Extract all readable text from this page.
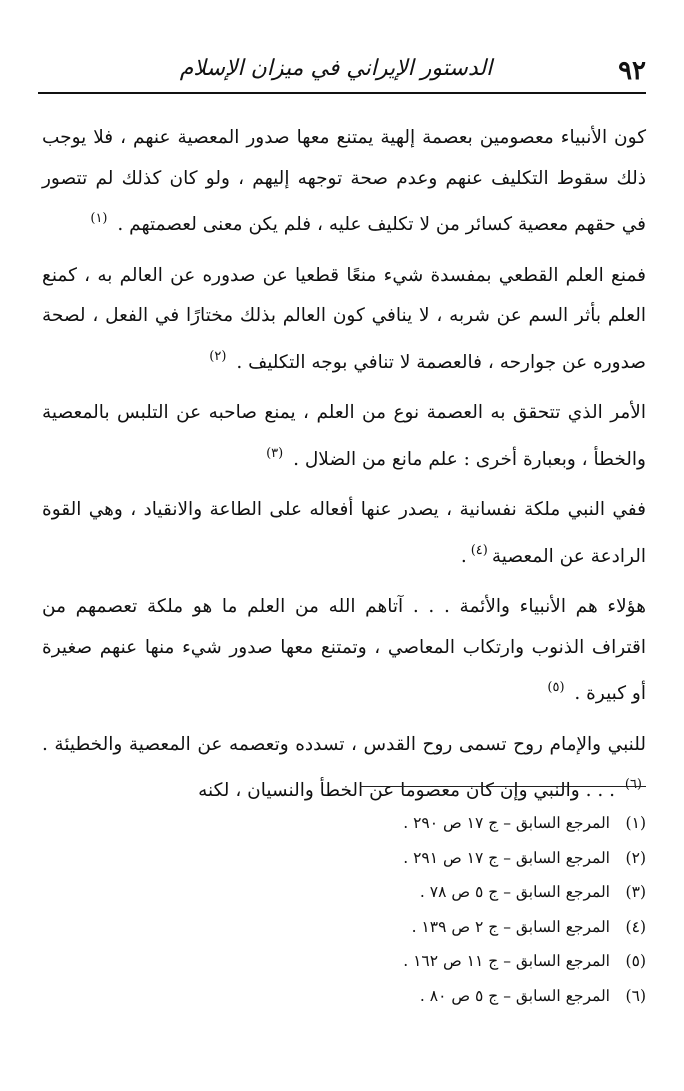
٩٢
الدستور الإيراني في ميزان الإسلام
كون الأنبياء معصومين بعصمة إلهية يمتنع معها صدور المعصية عنهم ، فلا يوجب ذلك سقوط التكليف عنهم وعدم صحة توجهه إليهم ، ولو كان كذلك لم تتصور في حقهم معصية كسائر من لا تكليف عليه ، فلم يكن معنى لعصمتهم . $^{(١)}$
فمنع العلم القطعي بمفسدة شيء منعًا قطعيا عن صدوره عن العالم به ، كمنع العلم بأثر السم عن شربه ، لا ينافي كون العالم بذلك مختارًا في الفعل ، لصحة صدوره عن جوارحه ، فالعصمة لا تنافي بوجه التكليف . $^{(٢)}$
الأمر الذي تتحقق به العصمة نوع من العلم ، يمنع صاحبه عن التلبس بالمعصية والخطأ ، وبعبارة أخرى : علم مانع من الضلال . $^{(٣)}$
ففي النبي ملكة نفسانية ، يصدر عنها أفعاله على الطاعة والانقياد ، وهي القوة الرادعة عن المعصية$^{(٤)}$.
هؤلاء هم الأنبياء والأئمة . . . آتاهم الله من العلم ما هو ملكة تعصمهم من اقتراف الذنوب وارتكاب المعاصي ، وتمتنع معها صدور شيء منها عنهم صغيرة أو كبيرة . $^{(٥)}$
للنبي والإمام روح تسمى روح القدس ، تسدده وتعصمه عن المعصية والخطيئة . $^{(٦)}$ . . . والنبي وإن كان معصوما عن الخطأ والنسيان ، لكنه
(١)
المرجع السابق – ج ١٧ ص ٢٩٠ .
(٢)
المرجع السابق – ج ١٧ ص ٢٩١ .
(٣)
المرجع السابق – ج ٥ ص ٧٨ .
(٤)
المرجع السابق – ج ٢ ص ١٣٩ .
(٥)
المرجع السابق – ج ١١ ص ١٦٢ .
(٦)
المرجع السابق – ج ٥ ص ٨٠ .
